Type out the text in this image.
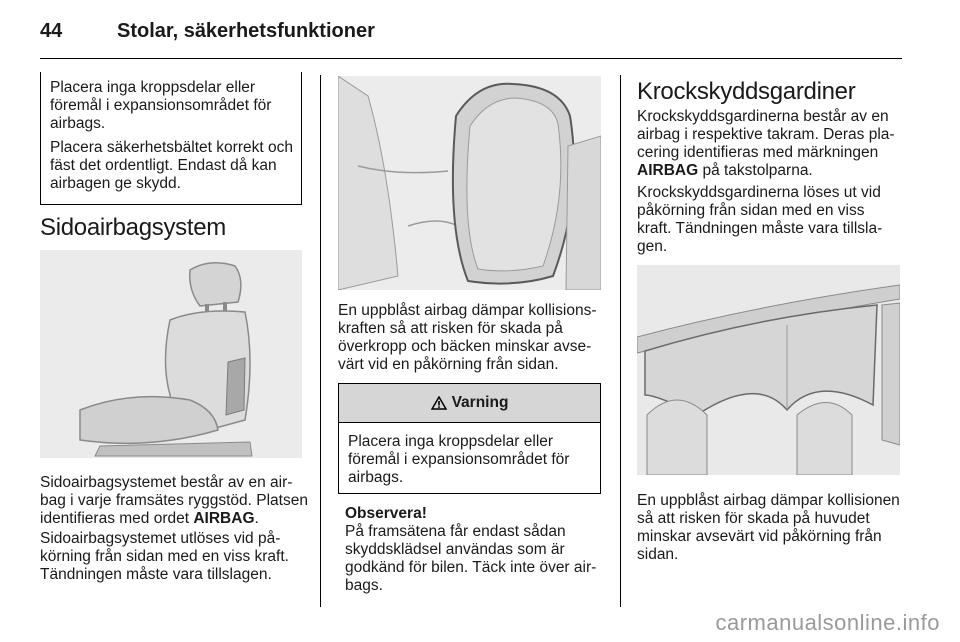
44	Stolar, säkerhetsfunktioner

Placera inga kroppsdelar eller föremål i expansionsområdet för airbags.

Placera säkerhetsbältet korrekt och fäst det ordentligt. Endast då kan airbagen ge skydd.

Sidoairbagsystem

Sidoairbagsystemet består av en airbag i varje framsätes ryggstöd. Platsen identifieras med ordet AIRBAG.

Sidoairbagsystemet utlöses vid påkörning från sidan med en viss kraft. Tändningen måste vara tillslagen.

En uppblåst airbag dämpar kollisionskraften så att risken för skada på överkropp och bäcken minskar avsevärt vid en påkörning från sidan.

Varning

Placera inga kroppsdelar eller föremål i expansionsområdet för airbags.

Observera!

På framsätena får endast sådan skyddsklädsel användas som är godkänd för bilen. Täck inte över airbags.

Krockskyddsgardiner

Krockskyddsgardinerna består av en airbag i respektive takram. Deras placering identifieras med märkningen AIRBAG på takstolparna.

Krockskyddsgardinerna löses ut vid påkörning från sidan med en viss kraft. Tändningen måste vara tillslagen.

En uppblåst airbag dämpar kollisionen så att risken för skada på huvudet minskar avsevärt vid påkörning från sidan.

carmanualsonline.info
